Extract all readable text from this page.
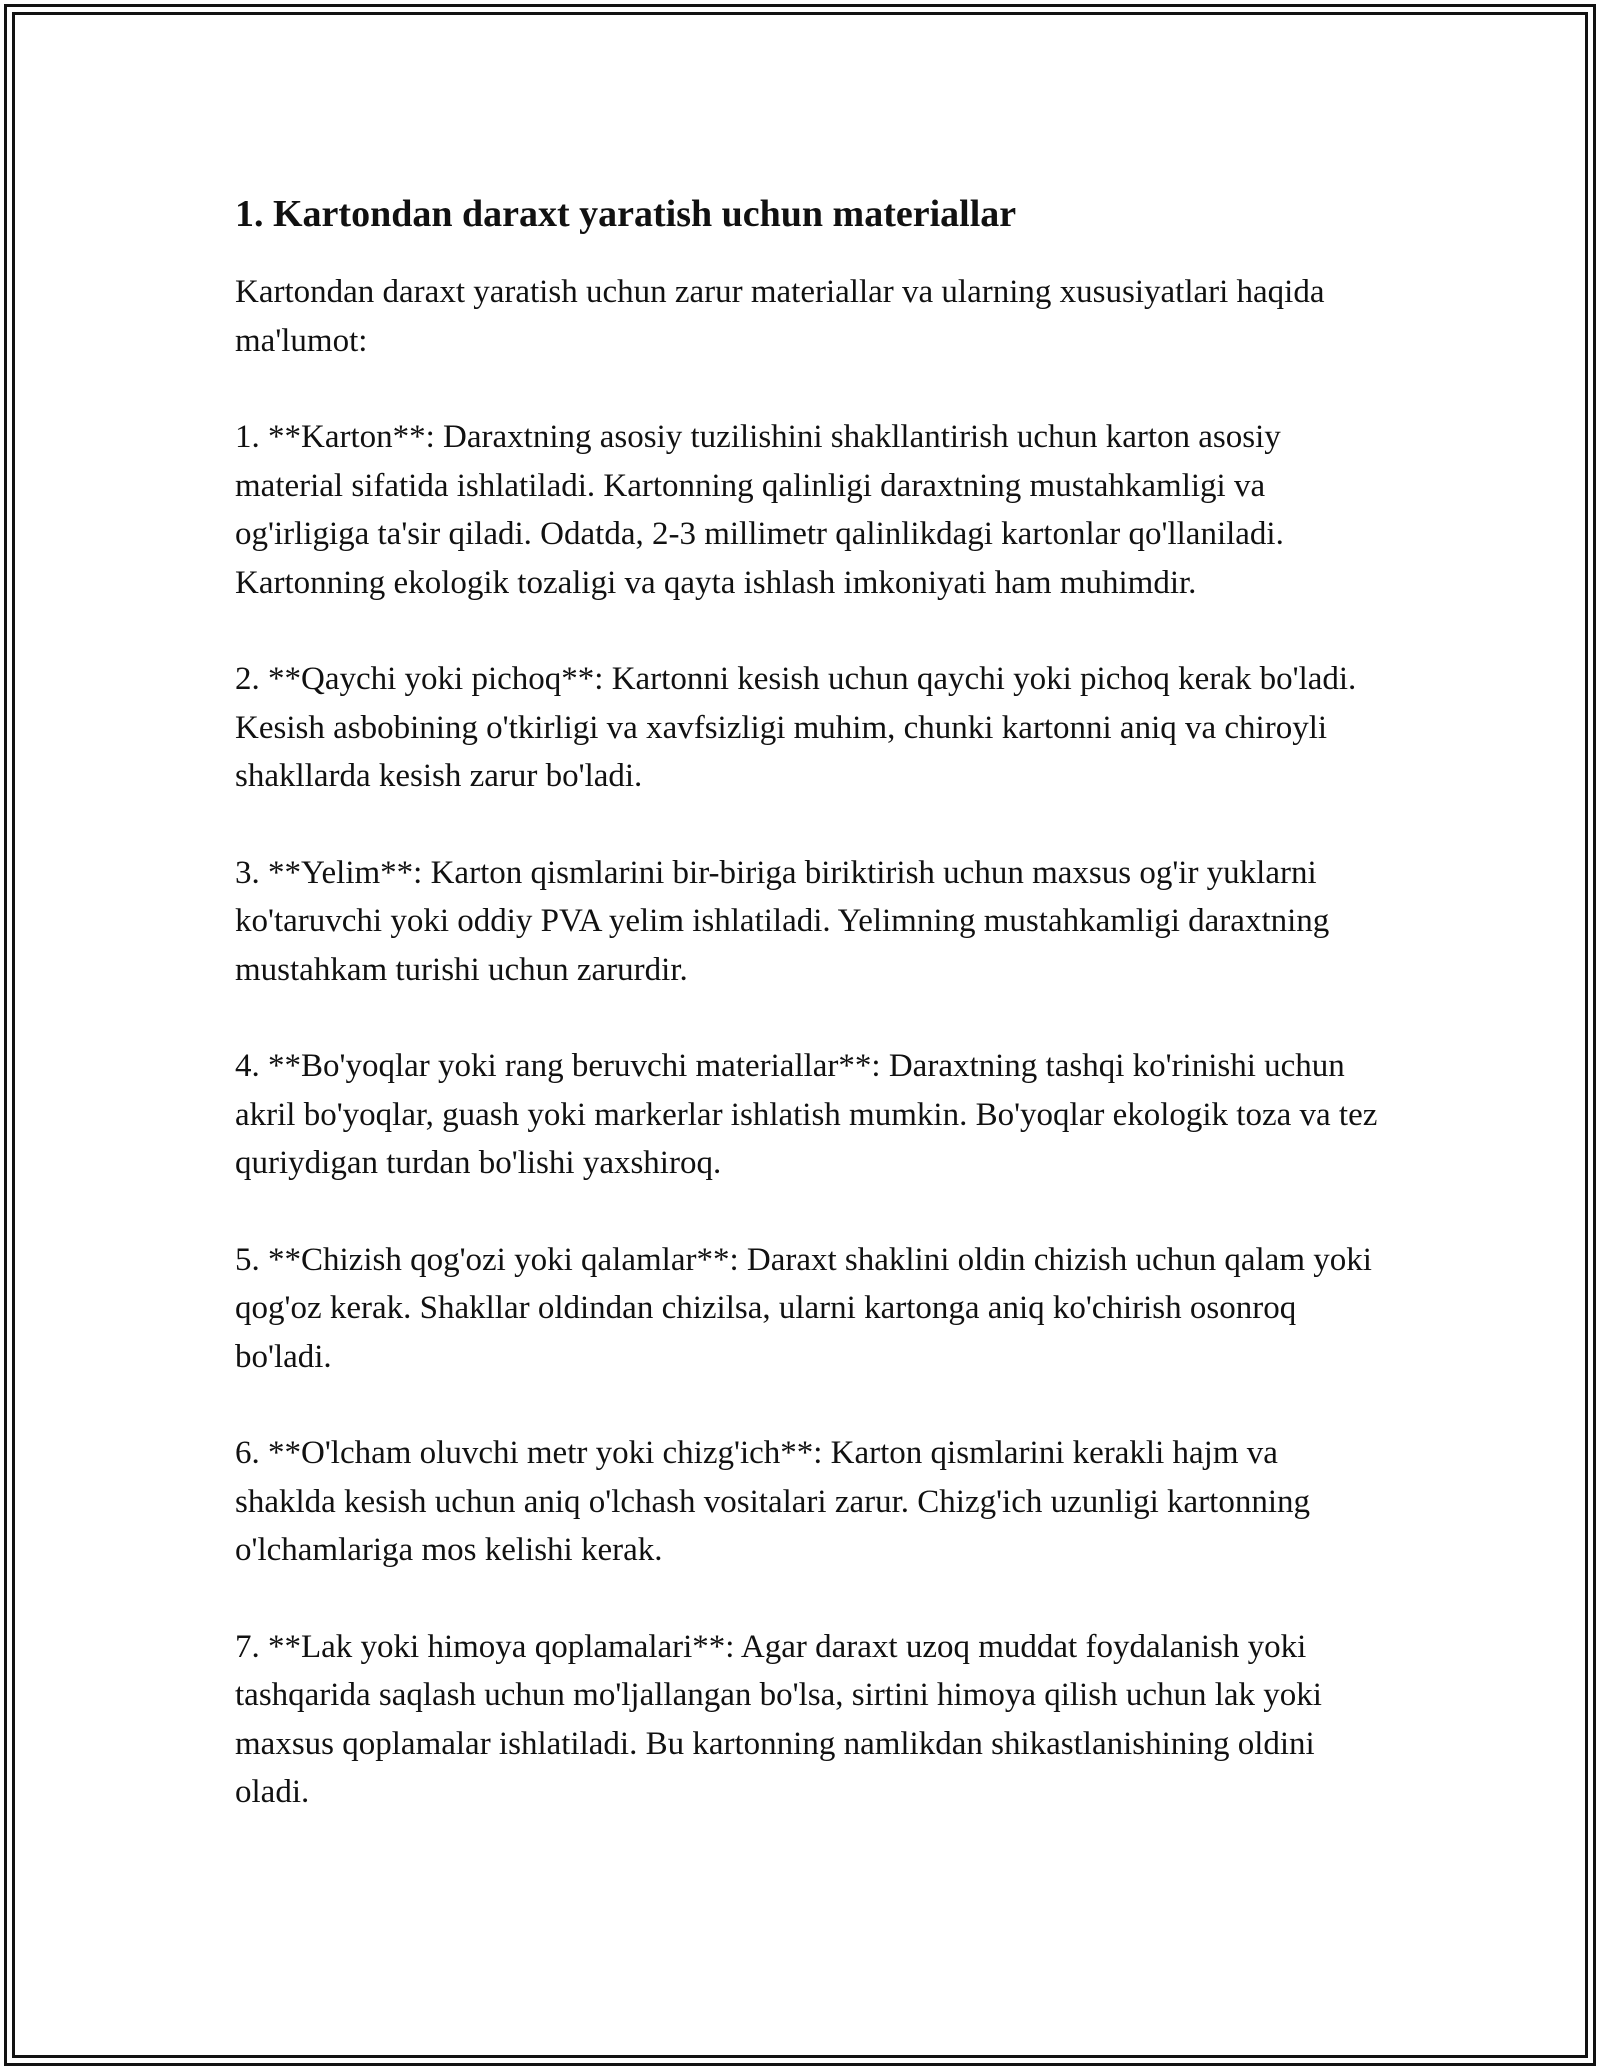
1. Kartondan daraxt yaratish uchun materiallar

Kartondan daraxt yaratish uchun zarur materiallar va ularning xususiyatlari haqida ma'lumot:

1. **Karton**: Daraxtning asosiy tuzilishini shakllantirish uchun karton asosiy material sifatida ishlatiladi. Kartonning qalinligi daraxtning mustahkamligi va og'irligiga ta'sir qiladi. Odatda, 2-3 millimetr qalinlikdagi kartonlar qo'llaniladi. Kartonning ekologik tozaligi va qayta ishlash imkoniyati ham muhimdir.

2. **Qaychi yoki pichoq**: Kartonni kesish uchun qaychi yoki pichoq kerak bo'ladi. Kesish asbobining o'tkirligi va xavfsizligi muhim, chunki kartonni aniq va chiroyli shakllarda kesish zarur bo'ladi.

3. **Yelim**: Karton qismlarini bir-biriga biriktirish uchun maxsus og'ir yuklarni ko'taruvchi yoki oddiy PVA yelim ishlatiladi. Yelimning mustahkamligi daraxtning mustahkam turishi uchun zarurdir.

4. **Bo'yoqlar yoki rang beruvchi materiallar**: Daraxtning tashqi ko'rinishi uchun akril bo'yoqlar, guash yoki markerlar ishlatish mumkin. Bo'yoqlar ekologik toza va tez quriydigan turdan bo'lishi yaxshiroq.

5. **Chizish qog'ozi yoki qalamlar**: Daraxt shaklini oldin chizish uchun qalam yoki qog'oz kerak. Shakllar oldindan chizilsa, ularni kartonga aniq ko'chirish osonroq bo'ladi.

6. **O'lcham oluvchi metr yoki chizg'ich**: Karton qismlarini kerakli hajm va shaklda kesish uchun aniq o'lchash vositalari zarur. Chizg'ich uzunligi kartonning o'lchamlariga mos kelishi kerak.

7. **Lak yoki himoya qoplamalari**: Agar daraxt uzoq muddat foydalanish yoki tashqarida saqlash uchun mo'ljallangan bo'lsa, sirtini himoya qilish uchun lak yoki maxsus qoplamalar ishlatiladi. Bu kartonning namlikdan shikastlanishining oldini oladi.
